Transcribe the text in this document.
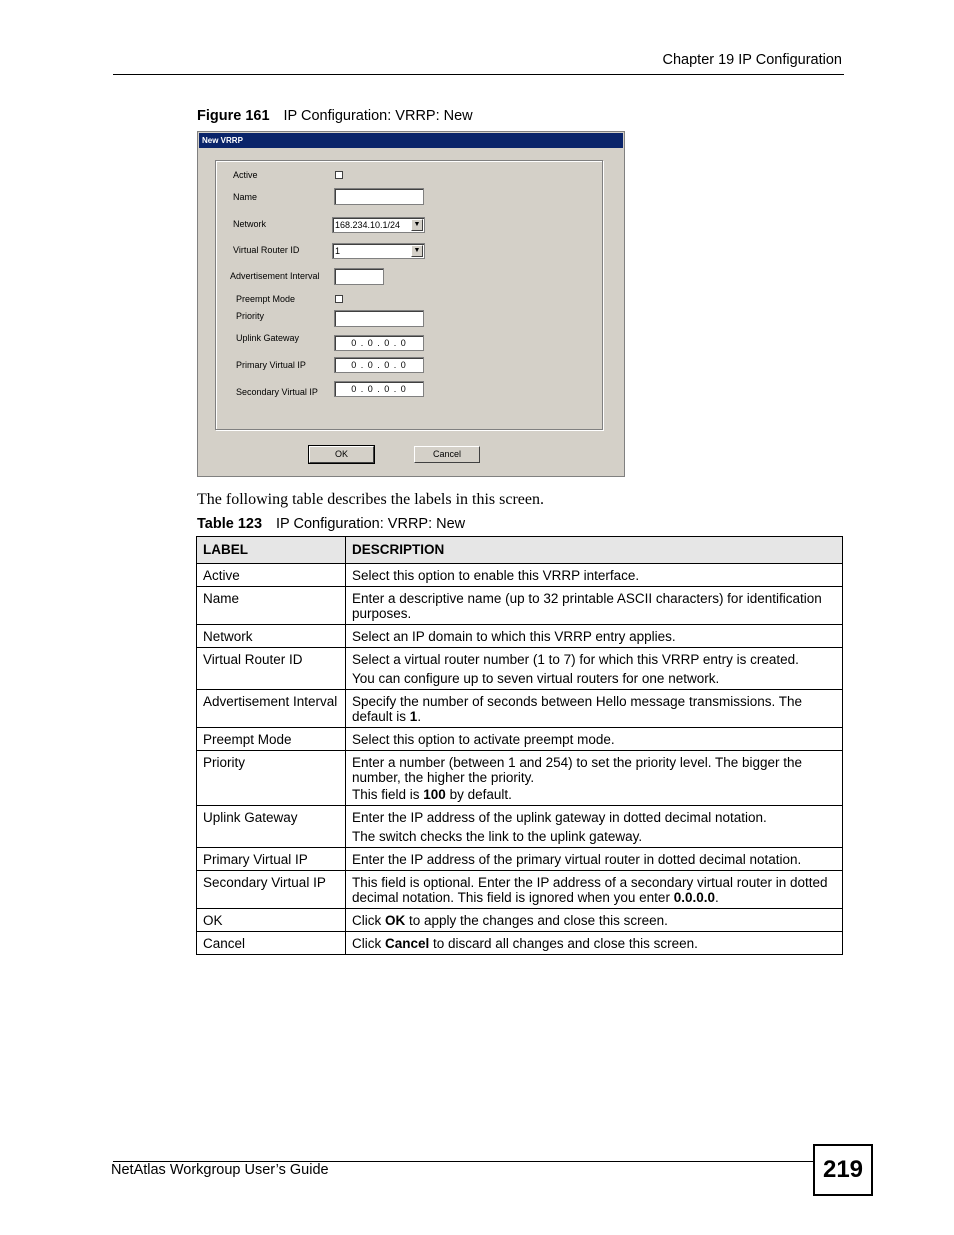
Chapter 19 IP Configuration
Figure 161 IP Configuration: VRRP: New
New VRRP
Active
Name
Network	168.234.10.1/24	▼
Virtual Router ID	1	▼
Advertisement Interval
Preempt Mode
Priority
Uplink Gateway	0 . 0 . 0 . 0
Primary Virtual IP	0 . 0 . 0 . 0
Secondary Virtual IP	0 . 0 . 0 . 0
OK	Cancel
The following table describes the labels in this screen.
Table 123 IP Configuration: VRRP: New
LABEL	DESCRIPTION
Active	Select this option to enable this VRRP interface.
Name	Enter a descriptive name (up to 32 printable ASCII characters) for identification purposes.
Network	Select an IP domain to which this VRRP entry applies.
Virtual Router ID	Select a virtual router number (1 to 7) for which this VRRP entry is created.

You can configure up to seven virtual routers for one network.

Advertisement Interval	Specify the number of seconds between Hello message transmissions. The default is 1.
Preempt Mode	Select this option to activate preempt mode.
Priority	Enter a number (between 1 and 254) to set the priority level. The bigger the number, the higher the priority.

This field is 100 by default.

Uplink Gateway	Enter the IP address of the uplink gateway in dotted decimal notation.

The switch checks the link to the uplink gateway.

Primary Virtual IP	Enter the IP address of the primary virtual router in dotted decimal notation.
Secondary Virtual IP	This field is optional. Enter the IP address of a secondary virtual router in dotted decimal notation. This field is ignored when you enter 0.0.0.0.
OK	Click OK to apply the changes and close this screen.
Cancel	Click Cancel to discard all changes and close this screen.
NetAtlas Workgroup User’s Guide	219
